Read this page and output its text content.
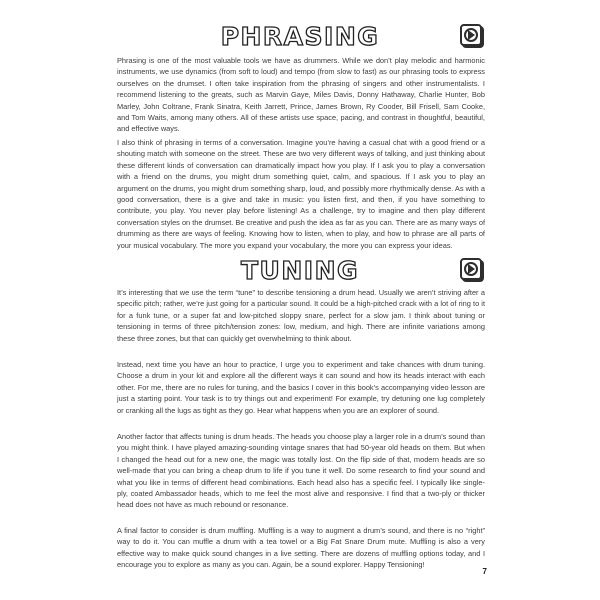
PHRASING

Phrasing is one of the most valuable tools we have as drummers. While we don’t play melodic and harmonic instruments, we use dynamics (from soft to loud) and tempo (from slow to fast) as our phrasing tools to express ourselves on the drumset. I often take inspiration from the phrasing of singers and other instrumentalists. I recommend listening to the greats, such as Marvin Gaye, Miles Davis, Donny Hathaway, Charlie Hunter, Bob Marley, John Coltrane, Frank Sinatra, Keith Jarrett, Prince, James Brown, Ry Cooder, Bill Frisell, Sam Cooke, and Tom Waits, among many others. All of these artists use space, pacing, and contrast in thoughtful, beautiful, and effective ways.

I also think of phrasing in terms of a conversation. Imagine you’re having a casual chat with a good friend or a shouting match with someone on the street. These are two very different ways of talking, and just thinking about these different kinds of conversation can dramatically impact how you play. If I ask you to play a conversation with a friend on the drums, you might drum something quiet, calm, and spacious. If I ask you to play an argument on the drums, you might drum something sharp, loud, and possibly more rhythmically dense. As with a good conversation, there is a give and take in music: you listen first, and then, if you have something to contribute, you play. You never play before listening! As a challenge, try to imagine and then play different conversation styles on the drumset. Be creative and push the idea as far as you can. There are as many ways of drumming as there are ways of feeling. Knowing how to listen, when to play, and how to phrase are all parts of your musical vocabulary. The more you expand your vocabulary, the more you can express your ideas.

TUNING

It’s interesting that we use the term “tune” to describe tensioning a drum head. Usually we aren’t striving after a specific pitch; rather, we’re just going for a particular sound. It could be a high-pitched crack with a lot of ring to it for a funk tune, or a super fat and low-pitched sloppy snare, perfect for a slow jam. I think about tuning or tensioning in terms of three pitch/tension zones: low, medium, and high. There are infinite variations among these three zones, but that can quickly get overwhelming to think about.

Instead, next time you have an hour to practice, I urge you to experiment and take chances with drum tuning. Choose a drum in your kit and explore all the different ways it can sound and how its heads interact with each other. For me, there are no rules for tuning, and the basics I cover in this book’s accompanying video lesson are just a starting point. Your task is to try things out and experiment! For example, try detuning one lug completely or cranking all the lugs as tight as they go. Hear what happens when you are an explorer of sound.

Another factor that affects tuning is drum heads. The heads you choose play a larger role in a drum’s sound than you might think. I have played amazing-sounding vintage snares that had 50-year old heads on them. But when I changed the head out for a new one, the magic was totally lost. On the flip side of that, modern heads are so well-made that you can bring a cheap drum to life if you tune it well. Do some research to find your sound and what you like in terms of different head combinations. Each head also has a specific feel. I typically like single-ply, coated Ambassador heads, which to me feel the most alive and responsive. I find that a two-ply or thicker head does not have as much rebound or resonance.

A final factor to consider is drum muffling. Muffling is a way to augment a drum’s sound, and there is no “right” way to do it. You can muffle a drum with a tea towel or a Big Fat Snare Drum mute. Muffling is also a very effective way to make quick sound changes in a live setting. There are dozens of muffling options today, and I encourage you to explore as many as you can. Again, be a sound explorer. Happy Tensioning!

7
